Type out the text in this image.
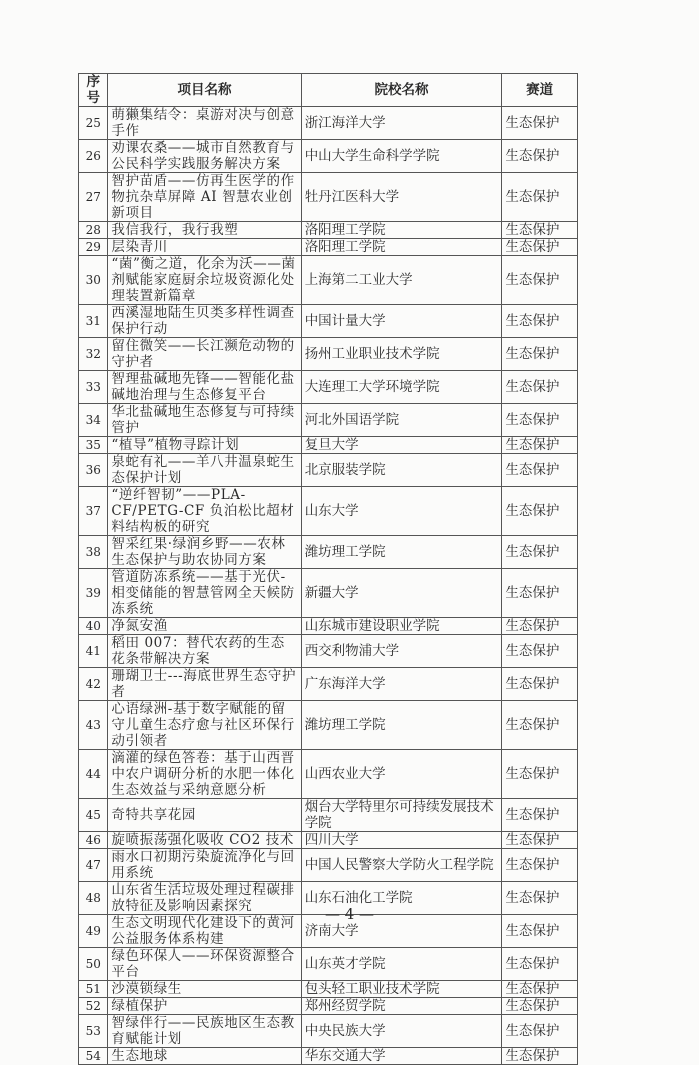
序号	项目名称	院校名称	赛道
25	萌獭集结令：桌游对决与创意手作	浙江海洋大学	生态保护
26	劝课农桑——城市自然教育与公民科学实践服务解决方案	中山大学生命科学学院	生态保护
27	智护苗盾——仿再生医学的作物抗杂草屏障 AI 智慧农业创新项目	牡丹江医科大学	生态保护
28	我信我行，我行我塑	洛阳理工学院	生态保护
29	层染青川	洛阳理工学院	生态保护
30	“菌”衡之道，化余为沃——菌剂赋能家庭厨余垃圾资源化处理装置新篇章	上海第二工业大学	生态保护
31	西溪湿地陆生贝类多样性调查保护行动	中国计量大学	生态保护
32	留住微笑——长江濒危动物的守护者	扬州工业职业技术学院	生态保护
33	智理盐碱地先锋——智能化盐碱地治理与生态修复平台	大连理工大学环境学院	生态保护
34	华北盐碱地生态修复与可持续管护	河北外国语学院	生态保护
35	“植导”植物寻踪计划	复旦大学	生态保护
36	泉蛇有礼——羊八井温泉蛇生态保护计划	北京服装学院	生态保护
37	“逆纤智韧”——PLA-CF/PETG-CF 负泊松比超材料结构板的研究	山东大学	生态保护
38	智采红果·绿润乡野——农林生态保护与助农协同方案	潍坊理工学院	生态保护
39	管道防冻系统——基于光伏-相变储能的智慧管网全天候防冻系统	新疆大学	生态保护
40	净氮安渔	山东城市建设职业学院	生态保护
41	稻田 007：替代农药的生态花条带解决方案	西交利物浦大学	生态保护
42	珊瑚卫士---海底世界生态守护者	广东海洋大学	生态保护
43	心语绿洲-基于数字赋能的留守儿童生态疗愈与社区环保行动引领者	潍坊理工学院	生态保护
44	滴灌的绿色答卷：基于山西晋中农户调研分析的水肥一体化生态效益与采纳意愿分析	山西农业大学	生态保护
45	奇特共享花园	烟台大学特里尔可持续发展技术学院	生态保护
46	旋喷振荡强化吸收 CO2 技术	四川大学	生态保护
47	雨水口初期污染旋流净化与回用系统	中国人民警察大学防火工程学院	生态保护
48	山东省生活垃圾处理过程碳排放特征及影响因素探究	山东石油化工学院	生态保护
49	生态文明现代化建设下的黄河公益服务体系构建	济南大学	生态保护
50	绿色环保人——环保资源整合平台	山东英才学院	生态保护
51	沙漠锁绿生	包头轻工职业技术学院	生态保护
52	绿植保护	郑州经贸学院	生态保护
53	智绿伴行——民族地区生态教育赋能计划	中央民族大学	生态保护
54	生态地球	华东交通大学	生态保护
— 4 —
